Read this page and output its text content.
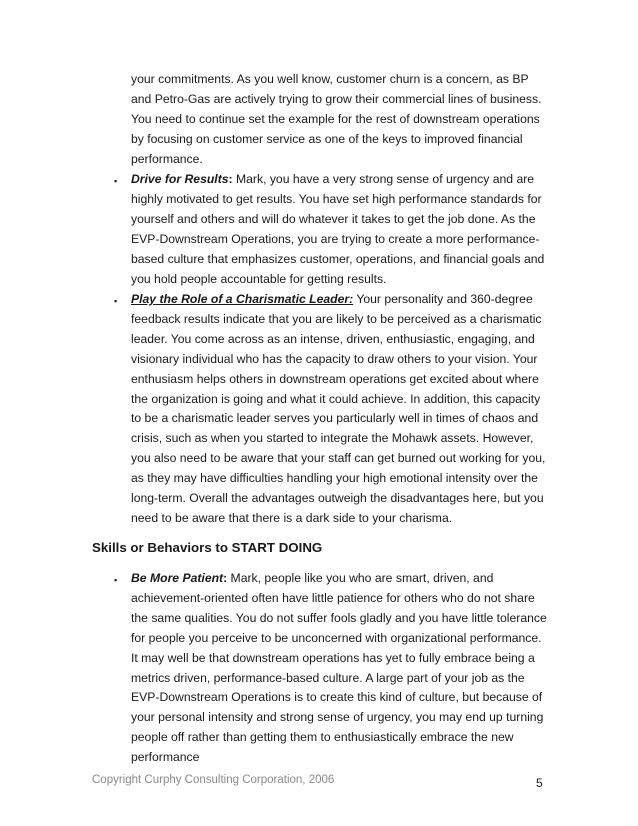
your commitments. As you well know, customer churn is a concern, as BP and Petro-Gas are actively trying to grow their commercial lines of business. You need to continue set the example for the rest of downstream operations by focusing on customer service as one of the keys to improved financial performance.
▪
Drive for Results: Mark, you have a very strong sense of urgency and are highly motivated to get results. You have set high performance standards for yourself and others and will do whatever it takes to get the job done. As the EVP-Downstream Operations, you are trying to create a more performance- based culture that emphasizes customer, operations, and financial goals and you hold people accountable for getting results.
▪
Play the Role of a Charismatic Leader: Your personality and 360-degree feedback results indicate that you are likely to be perceived as a charismatic leader. You come across as an intense, driven, enthusiastic, engaging, and visionary individual who has the capacity to draw others to your vision. Your enthusiasm helps others in downstream operations get excited about where the organization is going and what it could achieve. In addition, this capacity to be a charismatic leader serves you particularly well in times of chaos and crisis, such as when you started to integrate the Mohawk assets. However, you also need to be aware that your staff can get burned out working for you, as they may have difficulties handling your high emotional intensity over the long-term. Overall the advantages outweigh the disadvantages here, but you need to be aware that there is a dark side to your charisma.
Skills or Behaviors to START DOING
▪
Be More Patient: Mark, people like you who are smart, driven, and achievement-oriented often have little patience for others who do not share the same qualities. You do not suffer fools gladly and you have little tolerance for people you perceive to be unconcerned with organizational performance. It may well be that downstream operations has yet to fully embrace being a metrics driven, performance-based culture. A large part of your job as the EVP-Downstream Operations is to create this kind of culture, but because of your personal intensity and strong sense of urgency, you may end up turning people off rather than getting them to enthusiastically embrace the new performance
Copyright Curphy Consulting Corporation, 2006	5
